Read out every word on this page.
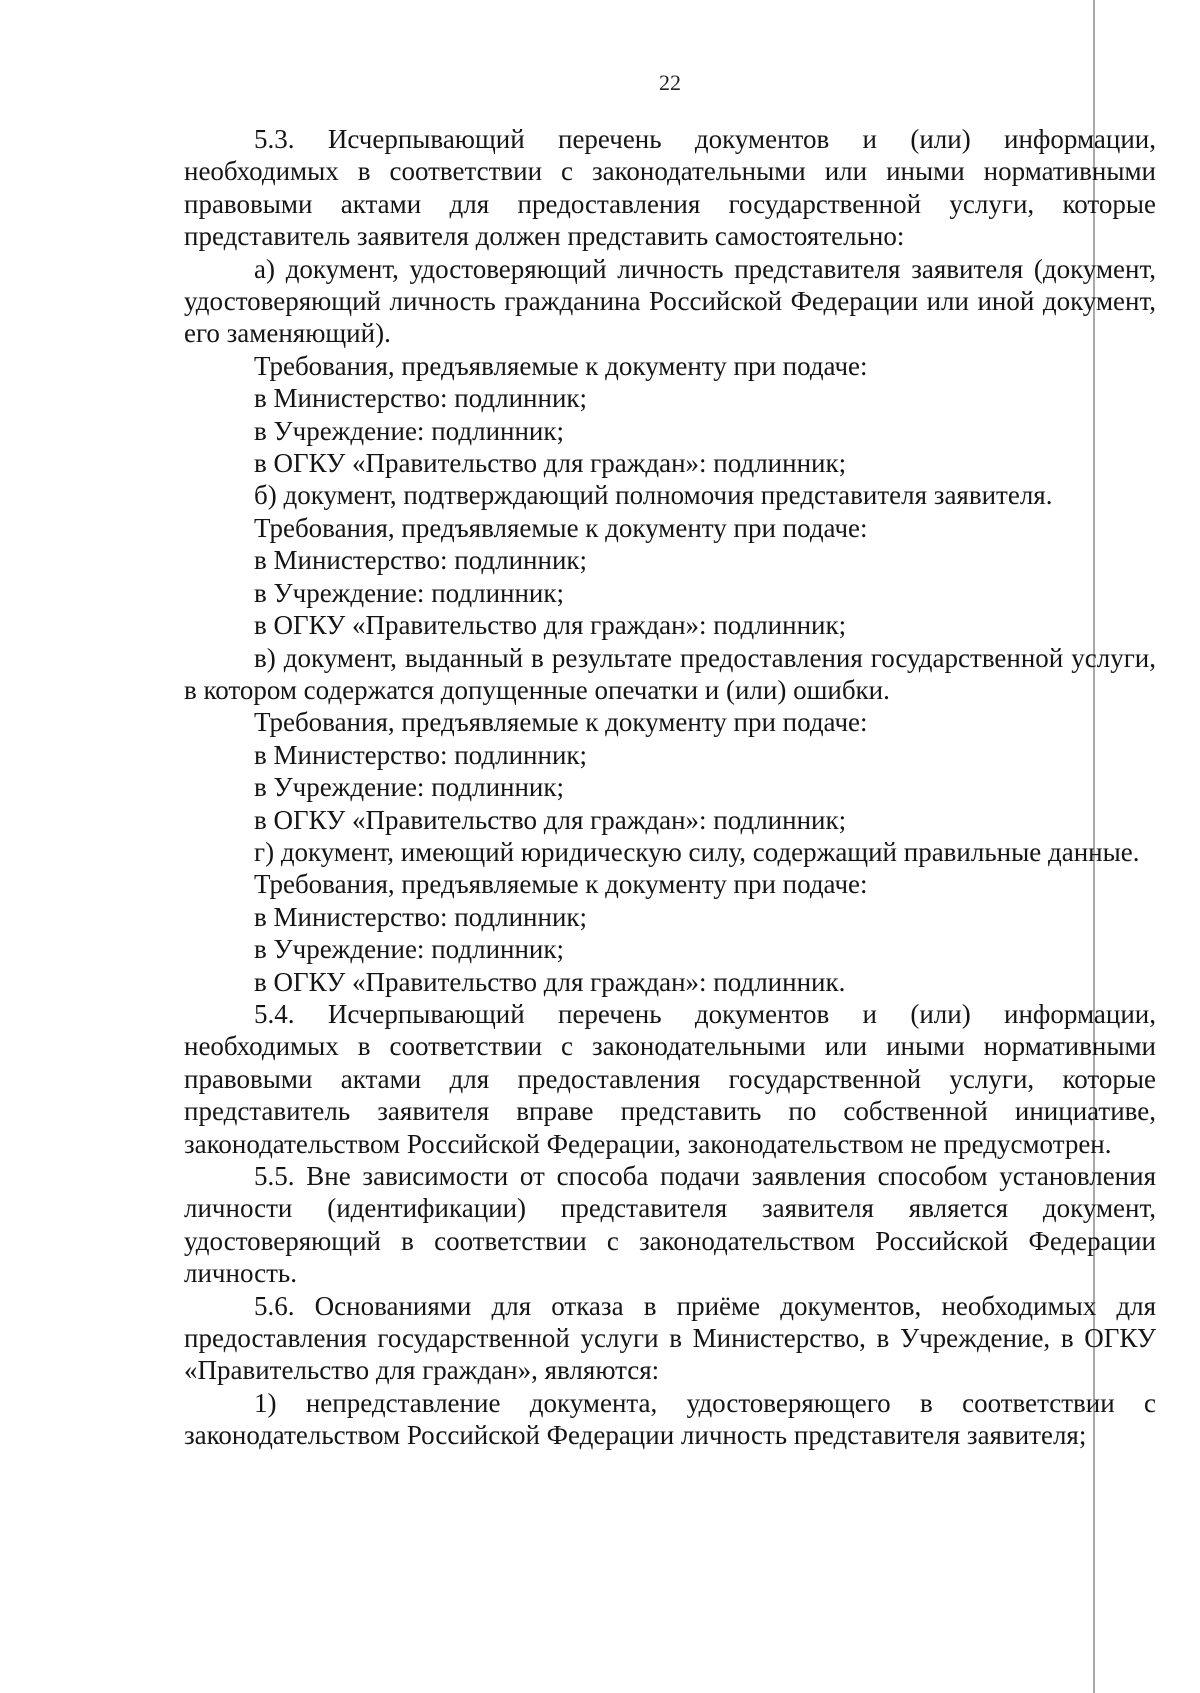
22

5.3. Исчерпывающий перечень документов и (или) информации, необходимых в соответствии с законодательными или иными нормативными правовыми актами для предоставления государственной услуги, которые представитель заявителя должен представить самостоятельно:

а) документ, удостоверяющий личность представителя заявителя (документ, удостоверяющий личность гражданина Российской Федерации или иной документ, его заменяющий).

Требования, предъявляемые к документу при подаче:

в Министерство: подлинник;

в Учреждение: подлинник;

в ОГКУ «Правительство для граждан»: подлинник;

б) документ, подтверждающий полномочия представителя заявителя.

Требования, предъявляемые к документу при подаче:

в Министерство: подлинник;

в Учреждение: подлинник;

в ОГКУ «Правительство для граждан»: подлинник;

в) документ, выданный в результате предоставления государственной услуги, в котором содержатся допущенные опечатки и (или) ошибки.

Требования, предъявляемые к документу при подаче:

в Министерство: подлинник;

в Учреждение: подлинник;

в ОГКУ «Правительство для граждан»: подлинник;

г) документ, имеющий юридическую силу, содержащий правильные данные.

Требования, предъявляемые к документу при подаче:

в Министерство: подлинник;

в Учреждение: подлинник;

в ОГКУ «Правительство для граждан»: подлинник.

5.4. Исчерпывающий перечень документов и (или) информации, необходимых в соответствии с законодательными или иными нормативными правовыми актами для предоставления государственной услуги, которые представитель заявителя вправе представить по собственной инициативе, законодательством Российской Федерации, законодательством не предусмотрен.

5.5. Вне зависимости от способа подачи заявления способом установления личности (идентификации) представителя заявителя является документ, удостоверяющий в соответствии с законодательством Российской Федерации личность.

5.6. Основаниями для отказа в приёме документов, необходимых для предоставления государственной услуги в Министерство, в Учреждение, в ОГКУ «Правительство для граждан», являются:

1) непредставление документа, удостоверяющего в соответствии с законодательством Российской Федерации личность представителя заявителя;
